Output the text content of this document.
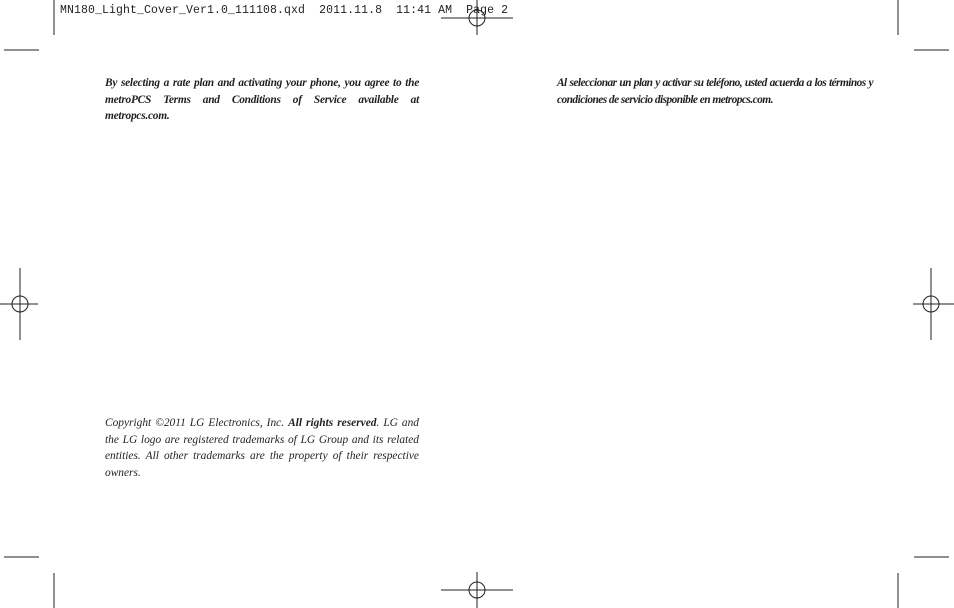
MN180_Light_Cover_Ver1.0_111108.qxd 2011.11.8 11:41 AM Page 2
By selecting a rate plan and activating your phone, you agree to the metroPCS Terms and Conditions of Service available at metropcs.com.
Al seleccionar un plan y activar su teléfono, usted acuerda a los términos y condiciones de servicio disponible en metropcs.com.
Copyright ©2011 LG Electronics, Inc. All rights reserved. LG and the LG logo are registered trademarks of LG Group and its related entities. All other trademarks are the property of their respective owners.
